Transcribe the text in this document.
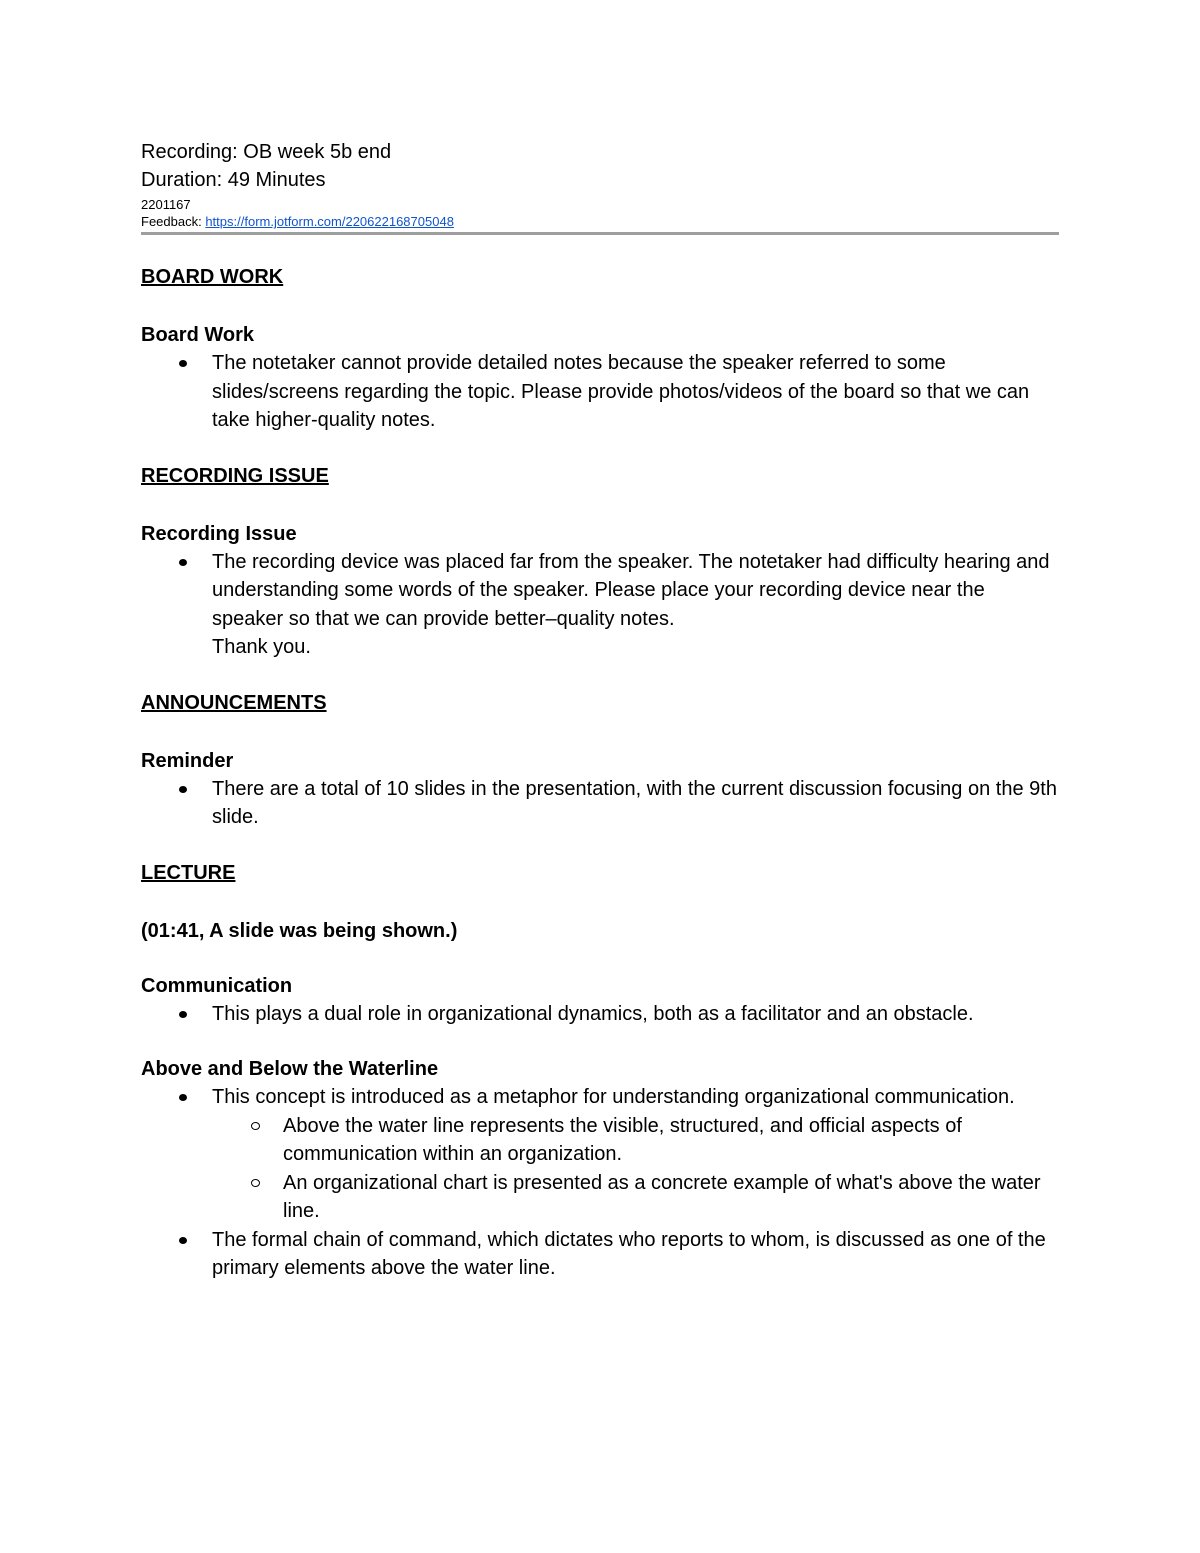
Recording: OB week 5b end

Duration: 49 Minutes

2201167

Feedback: https://form.jotform.com/220622168705048

BOARD WORK

Board Work

The notetaker cannot provide detailed notes because the speaker referred to some slides/screens regarding the topic. Please provide photos/videos of the board so that we can take higher-quality notes.

RECORDING ISSUE

Recording Issue

The recording device was placed far from the speaker. The notetaker had difficulty hearing and understanding some words of the speaker. Please place your recording device near the speaker so that we can provide better–quality notes.
Thank you.

ANNOUNCEMENTS

Reminder

There are a total of 10 slides in the presentation, with the current discussion focusing on the 9th slide.

LECTURE

(01:41, A slide was being shown.)

Communication

This plays a dual role in organizational dynamics, both as a facilitator and an obstacle.

Above and Below the Waterline

This concept is introduced as a metaphor for understanding organizational communication.
Above the water line represents the visible, structured, and official aspects of communication within an organization.
An organizational chart is presented as a concrete example of what's above the water line.
The formal chain of command, which dictates who reports to whom, is discussed as one of the primary elements above the water line.
